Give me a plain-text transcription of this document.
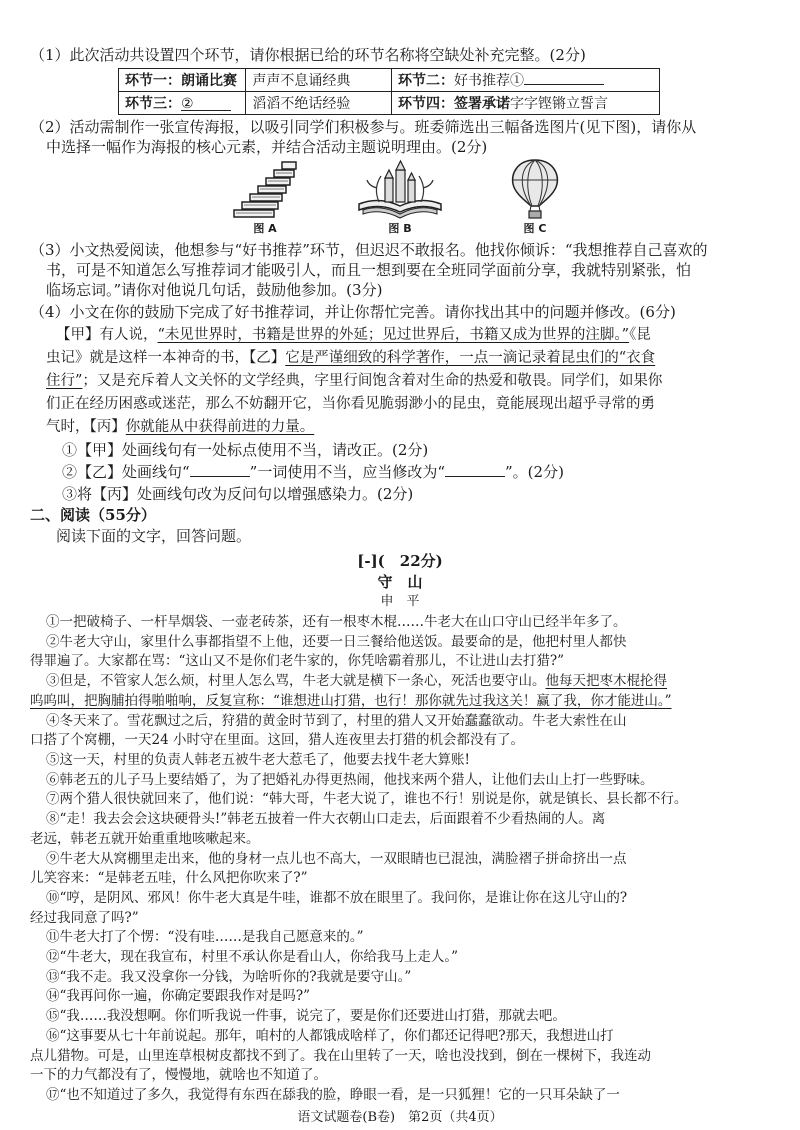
（1）此次活动共设置四个环节，请你根据已给的环节名称将空缺处补充完整。(2分)
环节一：朗诵比赛	声声不息诵经典	环节二：好书推荐①
环节三：②	滔滔不绝话经验	环节四：签署承诺字字铿锵立誓言
（2）活动需制作一张宣传海报，以吸引同学们积极参与。班委筛选出三幅备选图片(见下图)，请你从
中选择一幅作为海报的核心元素，并结合活动主题说明理由。(2分)
图 A	图 B	图 C
（3）小文热爱阅读，他想参与“好书推荐”环节，但迟迟不敢报名。他找你倾诉：“我想推荐自己喜欢的
书，可是不知道怎么写推荐词才能吸引人，而且一想到要在全班同学面前分享，我就特别紧张，怕
临场忘词。”请你对他说几句话，鼓励他参加。(3分)
（4）小文在你的鼓励下完成了好书推荐词，并让你帮忙完善。请你找出其中的问题并修改。(6分)
【甲】有人说，“未见世界时，书籍是世界的外延；见过世界后，书籍又成为世界的注脚。”《昆
虫记》就是这样一本神奇的书，【乙】它是严谨细致的科学著作，一点一滴记录着昆虫们的“衣食
住行”；又是充斥着人文关怀的文学经典，字里行间饱含着对生命的热爱和敬畏。同学们，如果你
们正在经历困惑或迷茫，那么不妨翻开它，当你看见脆弱渺小的昆虫，竟能展现出超乎寻常的勇
气时，【丙】你就能从中获得前进的力量。
①【甲】处画线句有一处标点使用不当，请改正。(2分)
②【乙】处画线句“	”一词使用不当，应当修改为“	”。(2分)
③将【丙】处画线句改为反问句以增强感染力。(2分)
二、阅读（55分）
阅读下面的文字，回答问题。
[-](　22分)
守　山
申　平
①一把破椅子、一杆旱烟袋、一壶老砖茶，还有一根枣木棍……牛老大在山口守山已经半年多了。
②牛老大守山，家里什么事都指望不上他，还要一日三餐给他送饭。最要命的是，他把村里人都快
得罪遍了。大家都在骂：“这山又不是你们老牛家的，你凭啥霸着那儿，不让进山去打猎?”
③但是，不管家人怎么烦，村里人怎么骂，牛老大就是横下一条心，死活也要守山。他每天把枣木棍抡得
呜呜叫，把胸脯拍得啪啪响，反复宣称：“谁想进山打猎，也行！那你就先过我这关！赢了我，你才能进山。”
④冬天来了。雪花飘过之后，狩猎的黄金时节到了，村里的猎人又开始蠢蠢欲动。牛老大索性在山
口搭了个窝棚，一天24 小时守在里面。这回，猎人连夜里去打猎的机会都没有了。
⑤这一天，村里的负责人韩老五被牛老大惹毛了，他要去找牛老大算账!
⑥韩老五的儿子马上要结婚了，为了把婚礼办得更热闹，他找来两个猎人，让他们去山上打一些野味。
⑦两个猎人很快就回来了，他们说：“韩大哥，牛老大说了，谁也不行！别说是你，就是镇长、县长都不行。
⑧“走！我去会会这块硬骨头!”韩老五披着一件大衣朝山口走去，后面跟着不少看热闹的人。离
老远，韩老五就开始重重地咳嗽起来。
⑨牛老大从窝棚里走出来，他的身材一点儿也不高大，一双眼睛也已混浊，满脸褶子拼命挤出一点
儿笑容来：“是韩老五哇，什么风把你吹来了?”
⑩“哼，是阴风、邪风！你牛老大真是牛哇，谁都不放在眼里了。我问你，是谁让你在这儿守山的?
经过我同意了吗?”
⑪牛老大打了个愣：“没有哇……是我自己愿意来的。”
⑫“牛老大，现在我宣布，村里不承认你是看山人，你给我马上走人。”
⑬“我不走。我又没拿你一分钱，为啥听你的?我就是要守山。”
⑭“我再问你一遍，你确定要跟我作对是吗?”
⑮“我……我没想啊。你们听我说一件事，说完了，要是你们还要进山打猎，那就去吧。
语文试题卷(B卷)　第2页（共4页）
⑯“这事要从七十年前说起。那年，咱村的人都饿成啥样了，你们都还记得吧?那天，我想进山打
点儿猎物。可是，山里连草根树皮都找不到了。我在山里转了一天，啥也没找到，倒在一棵树下，我连动
一下的力气都没有了，慢慢地，就啥也不知道了。
⑰“也不知道过了多久，我觉得有东西在舔我的脸，睁眼一看，是一只狐狸！它的一只耳朵缺了一
